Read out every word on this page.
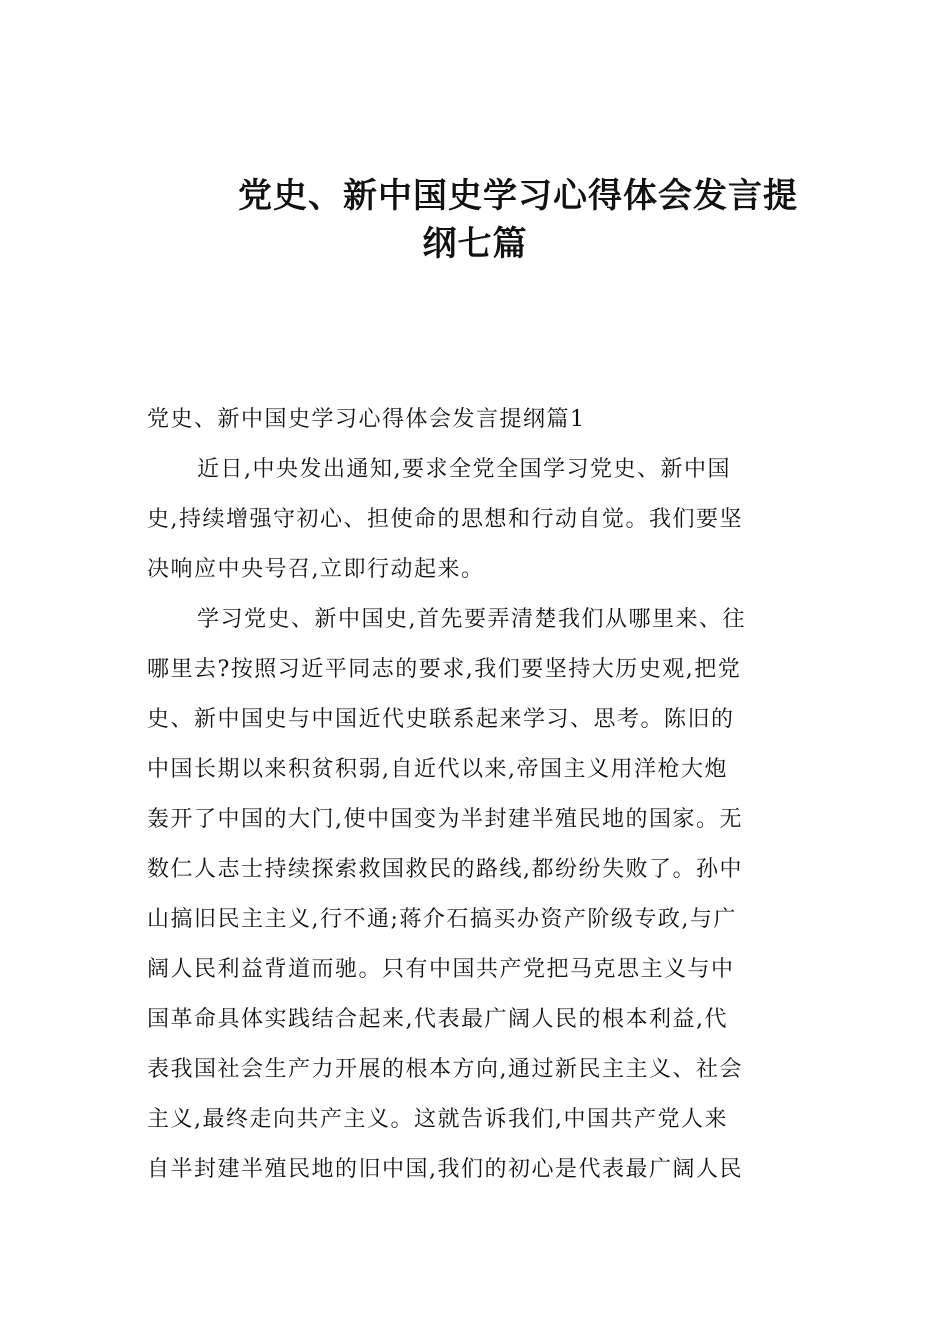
党史、新中国史学习心得体会发言提
纲七篇
党史、新中国史学习心得体会发言提纲篇1
近日,中央发出通知,要求全党全国学习党史、新中国
史,持续增强守初心、担使命的思想和行动自觉。我们要坚
决响应中央号召,立即行动起来。
学习党史、新中国史,首先要弄清楚我们从哪里来、往
哪里去?按照习近平同志的要求,我们要坚持大历史观,把党
史、新中国史与中国近代史联系起来学习、思考。陈旧的
中国长期以来积贫积弱,自近代以来,帝国主义用洋枪大炮
轰开了中国的大门,使中国变为半封建半殖民地的国家。无
数仁人志士持续探索救国救民的路线,都纷纷失败了。孙中
山搞旧民主主义,行不通;蒋介石搞买办资产阶级专政,与广
阔人民利益背道而驰。只有中国共产党把马克思主义与中
国革命具体实践结合起来,代表最广阔人民的根本利益,代
表我国社会生产力开展的根本方向,通过新民主主义、社会
主义,最终走向共产主义。这就告诉我们,中国共产党人来
自半封建半殖民地的旧中国,我们的初心是代表最广阔人民
